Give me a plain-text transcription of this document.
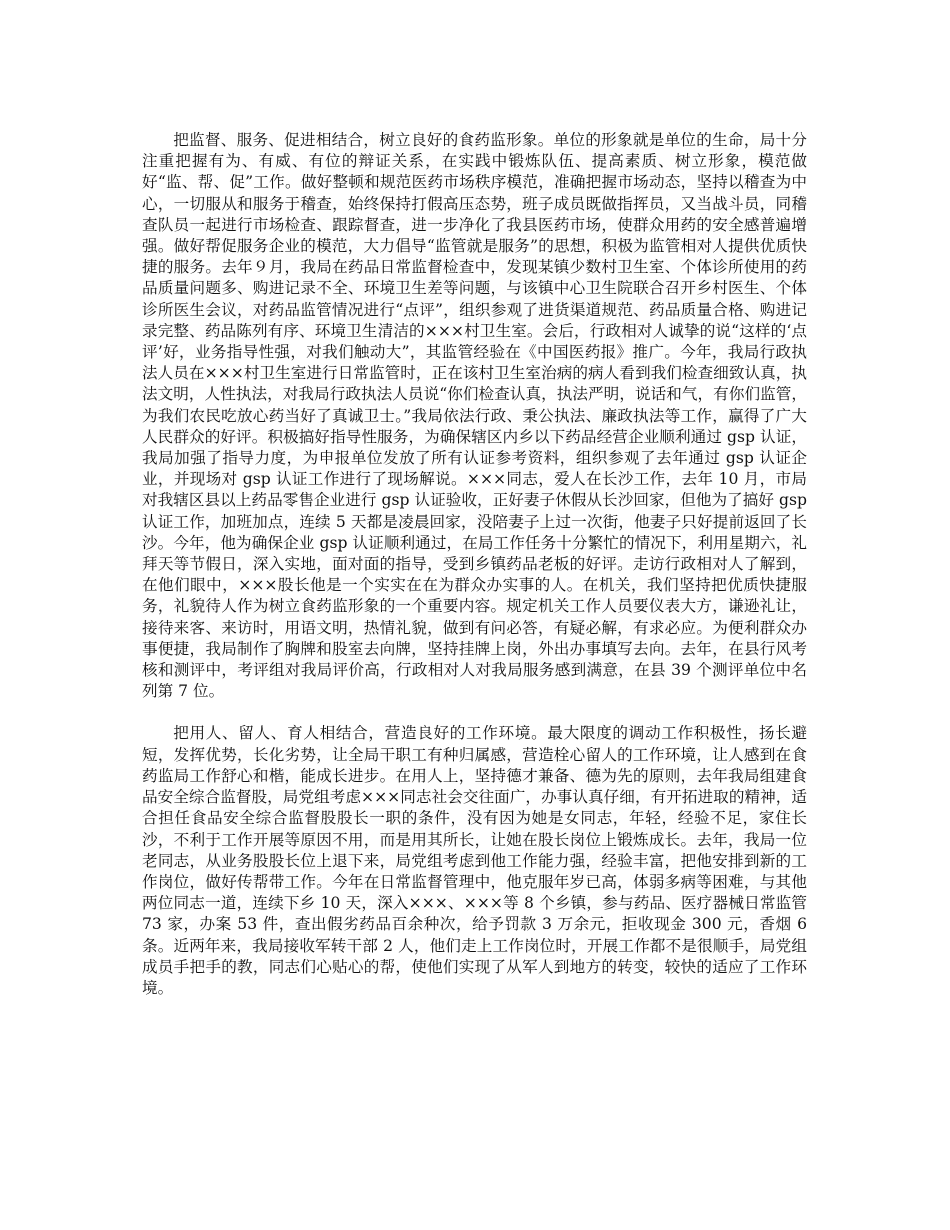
把监督、服务、促进相结合，树立良好的食药监形象。单位的形象就是单位的生命，局十分注重把握有为、有威、有位的辩证关系，在实践中锻炼队伍、提高素质、树立形象，模范做好“监、帮、促”工作。做好整顿和规范医药市场秩序模范，准确把握市场动态，坚持以稽查为中心，一切服从和服务于稽查，始终保持打假高压态势，班子成员既做指挥员，又当战斗员，同稽查队员一起进行市场检查、跟踪督查，进一步净化了我县医药市场，使群众用药的安全感普遍增强。做好帮促服务企业的模范，大力倡导“监管就是服务”的思想，积极为监管相对人提供优质快捷的服务。去年９月，我局在药品日常监督检查中，发现某镇少数村卫生室、个体诊所使用的药品质量问题多、购进记录不全、环境卫生差等问题，与该镇中心卫生院联合召开乡村医生、个体诊所医生会议，对药品监管情况进行“点评”，组织参观了进货渠道规范、药品质量合格、购进记录完整、药品陈列有序、环境卫生清洁的×××村卫生室。会后，行政相对人诚挚的说“这样的‘点评’好，业务指导性强，对我们触动大”，其监管经验在《中国医药报》推广。今年，我局行政执法人员在×××村卫生室进行日常监管时，正在该村卫生室治病的病人看到我们检查细致认真，执法文明，人性执法，对我局行政执法人员说“你们检查认真，执法严明，说话和气，有你们监管，为我们农民吃放心药当好了真诚卫士。”我局依法行政、秉公执法、廉政执法等工作，赢得了广大人民群众的好评。积极搞好指导性服务，为确保辖区内乡以下药品经营企业顺利通过 gsp 认证，我局加强了指导力度，为申报单位发放了所有认证参考资料，组织参观了去年通过 gsp 认证企业，并现场对 gsp 认证工作进行了现场解说。×××同志，爱人在长沙工作，去年 10 月，市局对我辖区县以上药品零售企业进行 gsp 认证验收，正好妻子休假从长沙回家，但他为了搞好 gsp 认证工作，加班加点，连续 5 天都是凌晨回家，没陪妻子上过一次街，他妻子只好提前返回了长沙。今年，他为确保企业 gsp 认证顺利通过，在局工作任务十分繁忙的情况下，利用星期六，礼拜天等节假日，深入实地，面对面的指导，受到乡镇药品老板的好评。走访行政相对人了解到，在他们眼中，×××股长他是一个实实在在为群众办实事的人。在机关，我们坚持把优质快捷服务，礼貌待人作为树立食药监形象的一个重要内容。规定机关工作人员要仪表大方，谦逊礼让，接待来客、来访时，用语文明，热情礼貌，做到有问必答，有疑必解，有求必应。为便利群众办事便捷，我局制作了胸牌和股室去向牌，坚持挂牌上岗，外出办事填写去向。去年，在县行风考核和测评中，考评组对我局评价高，行政相对人对我局服务感到满意，在县 39 个测评单位中名列第 7 位。

把用人、留人、育人相结合，营造良好的工作环境。最大限度的调动工作积极性，扬长避短，发挥优势，长化劣势，让全局干职工有种归属感，营造栓心留人的工作环境，让人感到在食药监局工作舒心和楷，能成长进步。在用人上，坚持德才兼备、德为先的原则，去年我局组建食品安全综合监督股，局党组考虑×××同志社会交往面广，办事认真仔细，有开拓进取的精神，适合担任食品安全综合监督股股长一职的条件，没有因为她是女同志，年轻，经验不足，家住长沙，不利于工作开展等原因不用，而是用其所长，让她在股长岗位上锻炼成长。去年，我局一位老同志，从业务股股长位上退下来，局党组考虑到他工作能力强，经验丰富，把他安排到新的工作岗位，做好传帮带工作。今年在日常监督管理中，他克服年岁已高，体弱多病等困难，与其他两位同志一道，连续下乡 10 天，深入×××、×××等 8 个乡镇，参与药品、医疗器械日常监管 73 家，办案 53 件，查出假劣药品百余种次，给予罚款 3 万余元，拒收现金 300 元，香烟 6 条。近两年来，我局接收军转干部 2 人，他们走上工作岗位时，开展工作都不是很顺手，局党组成员手把手的教，同志们心贴心的帮，使他们实现了从军人到地方的转变，较快的适应了工作环境。
